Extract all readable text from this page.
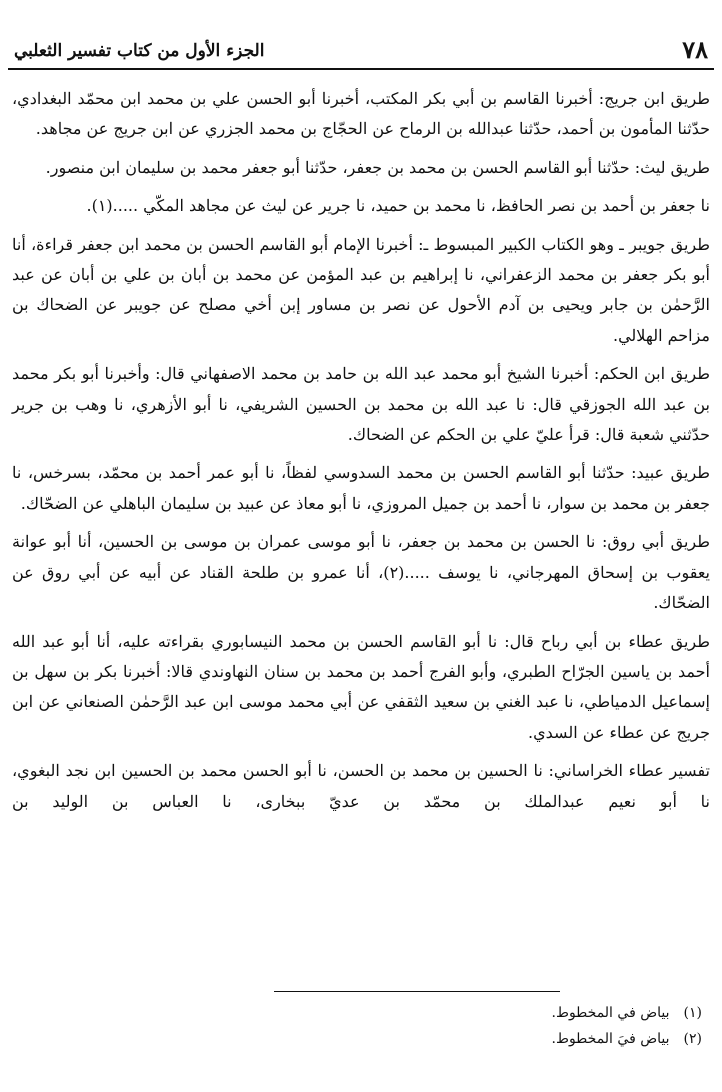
٧٨
الجزء الأول من كتاب تفسير الثعلبي

طريق ابن جريج: أخبرنا القاسم بن أبي بكر المكتب، أخبرنا أبو الحسن علي بن محمد ابن محمّد البغدادي، حدّثنا المأمون بن أحمد، حدّثنا عبدالله بن الرماح عن الحجّاج بن محمد الجزري عن ابن جريج عن مجاهد.

طريق ليث: حدّثنا أبو القاسم الحسن بن محمد بن جعفر، حدّثنا أبو جعفر محمد بن سليمان ابن منصور.

نا جعفر بن أحمد بن نصر الحافظ، نا محمد بن حميد، نا جرير عن ليث عن مجاهد المكّي .....(١).

طريق جويبر ـ وهو الكتاب الكبير المبسوط ـ: أخبرنا الإمام أبو القاسم الحسن بن محمد ابن جعفر قراءة، أنا أبو بكر جعفر بن محمد الزعفراني، نا إبراهيم بن عبد المؤمن عن محمد بن أبان بن علي بن أبان عن عبد الرَّحمٰن بن جابر ويحيى بن آدم الأحول عن نصر بن مساور إبن أخي مصلح عن جويبر عن الضحاك بن مزاحم الهلالي.

طريق ابن الحكم: أخبرنا الشيخ أبو محمد عبد الله بن حامد بن محمد الاصفهاني قال: وأخبرنا أبو بكر محمد بن عبد الله الجوزقي قال: نا عبد الله بن محمد بن الحسين الشريفي، نا أبو الأزهري، نا وهب بن جرير حدّثني شعبة قال: قرأ عليّ علي بن الحكم عن الضحاك.

طريق عبيد: حدّثنا أبو القاسم الحسن بن محمد السدوسي لفظاً، نا أبو عمر أحمد بن محمّد، بسرخس، نا جعفر بن محمد بن سوار، نا أحمد بن جميل المروزي، نا أبو معاذ عن عبيد بن سليمان الباهلي عن الضحّاك.

طريق أبي روق: نا الحسن بن محمد بن جعفر، نا أبو موسى عمران بن موسى بن الحسين، أنا أبو عوانة يعقوب بن إسحاق المهرجاني، نا يوسف .....(٢)، أنا عمرو بن طلحة القناد عن أبيه عن أبي روق عن الضحّاك.

طريق عطاء بن أبي رباح قال: نا أبو القاسم الحسن بن محمد النيسابوري بقراءته عليه، أنا أبو عبد الله أحمد بن ياسين الجرّاح الطبري، وأبو الفرج أحمد بن محمد بن سنان النهاوندي قالا: أخبرنا بكر بن سهل بن إسماعيل الدمياطي، نا عبد الغني بن سعيد الثقفي عن أبي محمد موسى ابن عبد الرَّحمٰن الصنعاني عن ابن جريج عن عطاء عن السدي.

تفسير عطاء الخراساني: نا الحسين بن محمد بن الحسن، نا أبو الحسن محمد بن الحسين ابن نجد البغوي، نا أبو نعيم عبدالملك بن محمّد بن عديّ ببخارى، نا العباس بن الوليد بن

(١)بياض في المخطوط.
(٢)بياض فيَ المخطوط.
